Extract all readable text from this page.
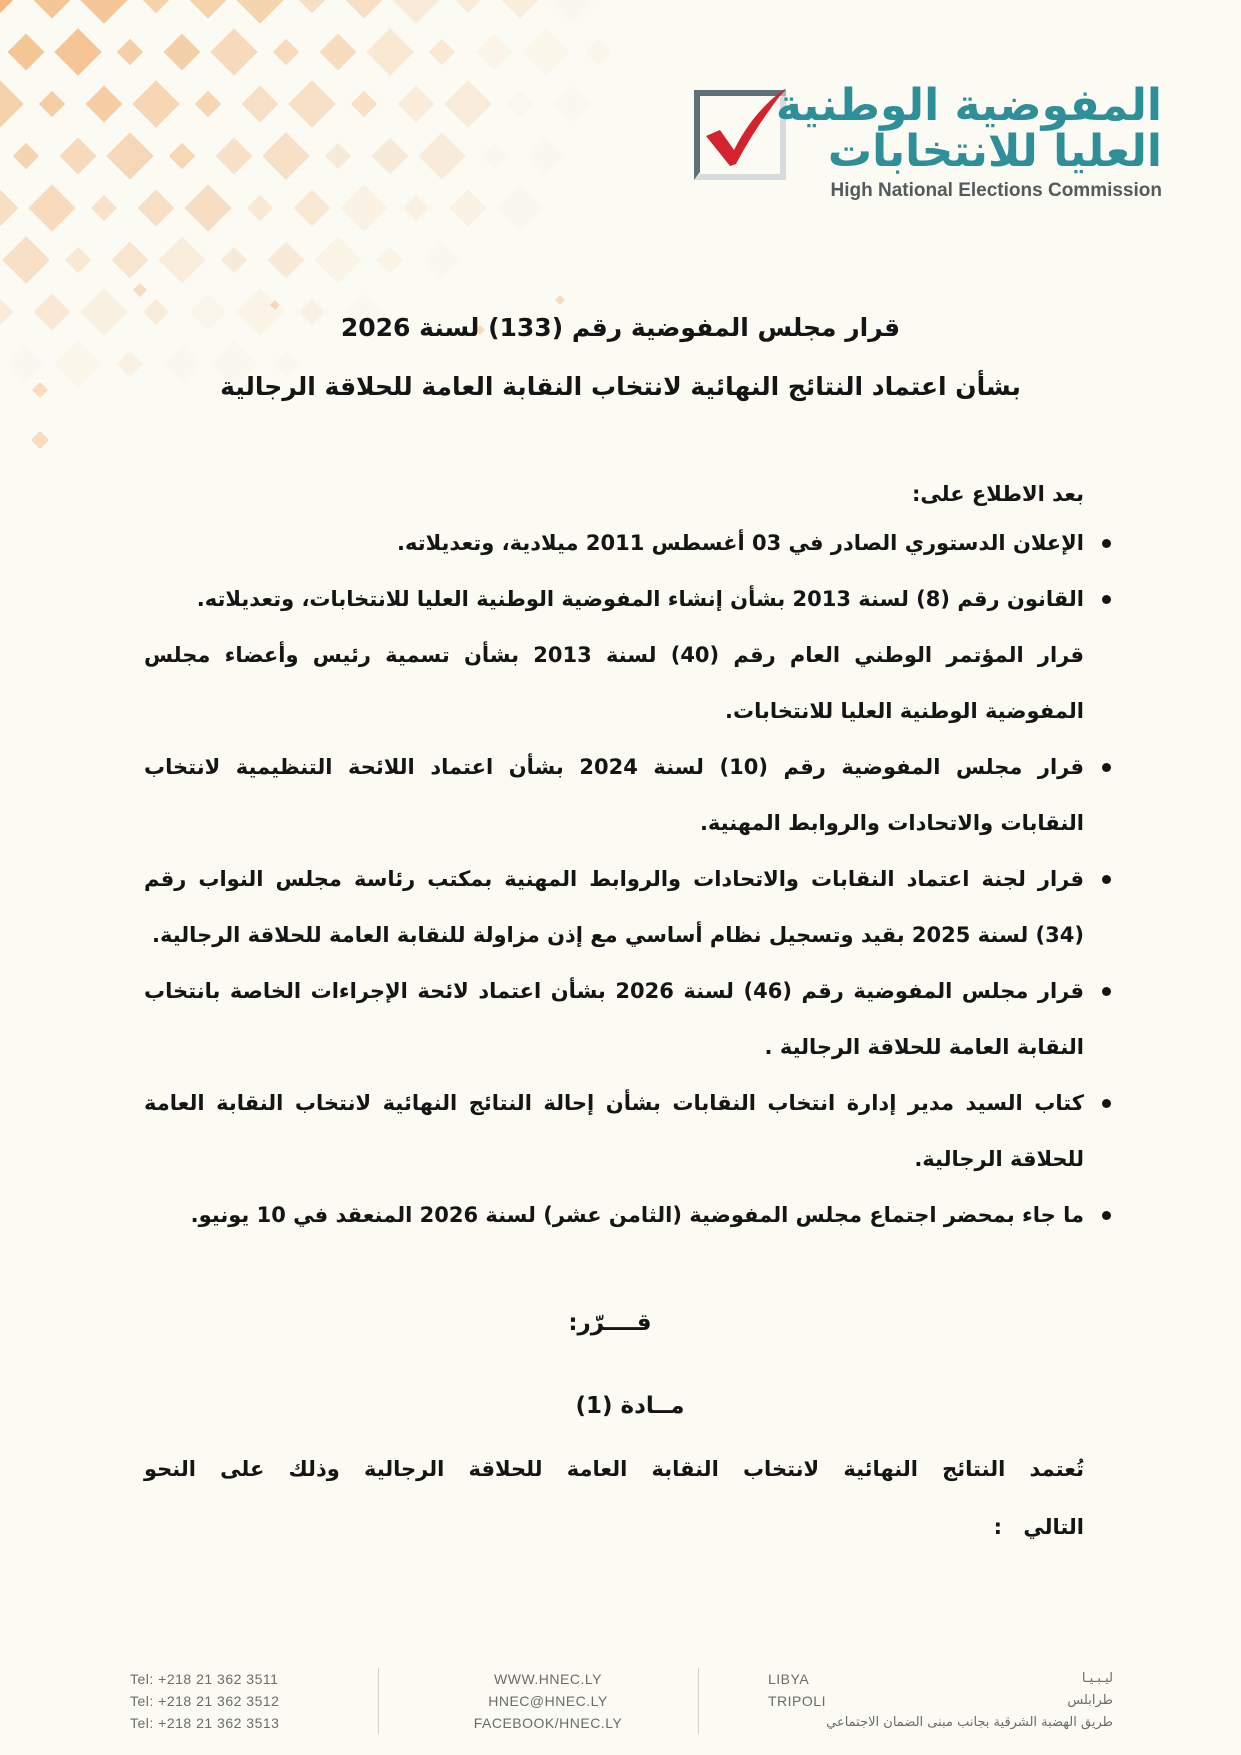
المفوضية الوطنية
العليا للانتخابات
High National Elections Commission
قرار مجلس المفوضية رقم (133) لسنة 2026
بشأن اعتماد النتائج النهائية لانتخاب النقابة العامة للحلاقة الرجالية
بعد الاطلاع على:
الإعلان الدستوري الصادر في 03 أغسطس 2011 ميلادية، وتعديلاته.
القانون رقم (8) لسنة 2013 بشأن إنشاء المفوضية الوطنية العليا للانتخابات، وتعديلاته.
قرار المؤتمر الوطني العام رقم (40) لسنة 2013 بشأن تسمية رئيس وأعضاء مجلس المفوضية الوطنية العليا للانتخابات.
قرار مجلس المفوضية رقم (10) لسنة 2024 بشأن اعتماد اللائحة التنظيمية لانتخاب النقابات والاتحادات والروابط المهنية.
قرار لجنة اعتماد النقابات والاتحادات والروابط المهنية بمكتب رئاسة مجلس النواب رقم (34) لسنة 2025 بقيد وتسجيل نظام أساسي مع إذن مزاولة للنقابة العامة للحلاقة الرجالية.
قرار مجلس المفوضية رقم (46) لسنة 2026 بشأن اعتماد لائحة الإجراءات الخاصة بانتخاب النقابة العامة للحلاقة الرجالية .
كتاب السيد مدير إدارة انتخاب النقابات بشأن إحالة النتائج النهائية لانتخاب النقابة العامة للحلاقة الرجالية.
ما جاء بمحضر اجتماع مجلس المفوضية (الثامن عشر) لسنة 2026 المنعقد في 10 يونيو.
قــــرّر:
مــادة (1)
تُعتمد النتائج النهائية لانتخاب النقابة العامة للحلاقة الرجالية وذلك على النحو التالي :
Tel: +218 21 362 3511
Tel: +218 21 362 3512
Tel: +218 21 362 3513
WWW.HNEC.LY
HNEC@HNEC.LY
FACEBOOK/HNEC.LY
LIBYA
TRIPOLI
ليـبـيـا
طرابلس
طريق الهضبة الشرقية بجانب مبنى الضمان الاجتماعي
